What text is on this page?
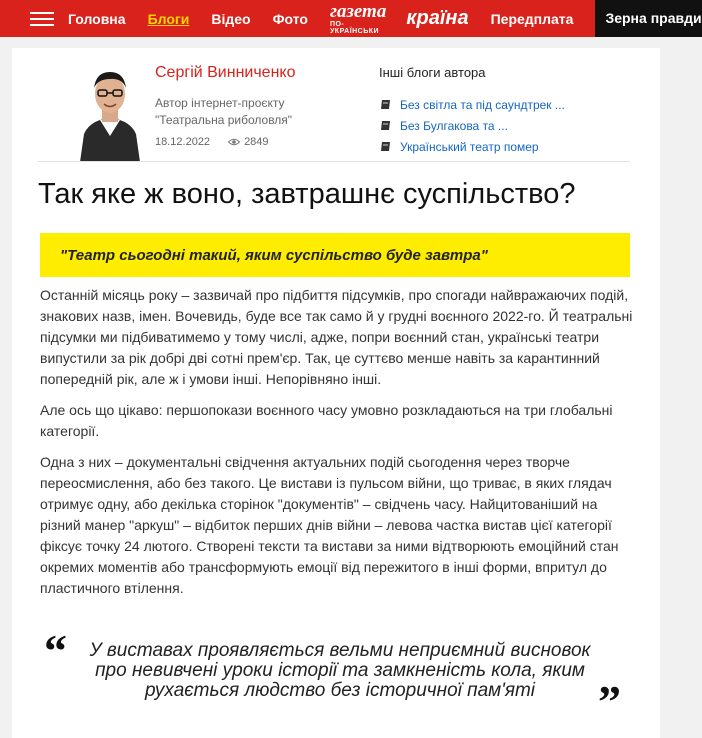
Головна Блоги Відео Фото газета
ПО-УКРАЇНСЬКИ
країна Передплата	Зерна правди
Сергій Винниченко
Автор інтернет-проєкту
"Театральна риболовля"
18.12.2022	2849
Інші блоги автора
Без світла та під саундтрек ...
Без Булгакова та ...
Український театр помер
Так яке ж воно, завтрашнє суспільство?
"Театр сьогодні такий, яким суспільство буде завтра"

Останній місяць року – зазвичай про підбиття підсумків, про спогади найвражаючих подій, знакових назв, імен. Вочевидь, буде все так само й у грудні воєнного 2022-го. Й театральні підсумки ми підбиватимемо у тому числі, адже, попри воєнний стан, українські театри випустили за рік добрі дві сотні прем'єр. Так, це суттєво менше навіть за карантинний попередній рік, але ж і умови інші. Непорівняно інші.

Але ось що цікаво: першопокази воєнного часу умовно розкладаються на три глобальні категорії.

Одна з них – документальні свідчення актуальних подій сьогодення через творче переосмислення, або без такого. Це вистави із пульсом війни, що триває, в яких глядач отримує одну, або декілька сторінок "документів" – свідчень часу. Найцитованіший на різний манер "аркуш" – відбиток перших днів війни – левова частка вистав цієї категорії фіксує точку 24 лютого. Створені тексти та вистави за ними відтворюють емоційний стан окремих моментів або трансформують емоції від пережитого в інші форми, впритул до пластичного втілення.

“	У виставах проявляється вельми неприємний висновок про невивчені уроки історії та замкненість кола, яким рухається людство без історичної пам'яті	”
